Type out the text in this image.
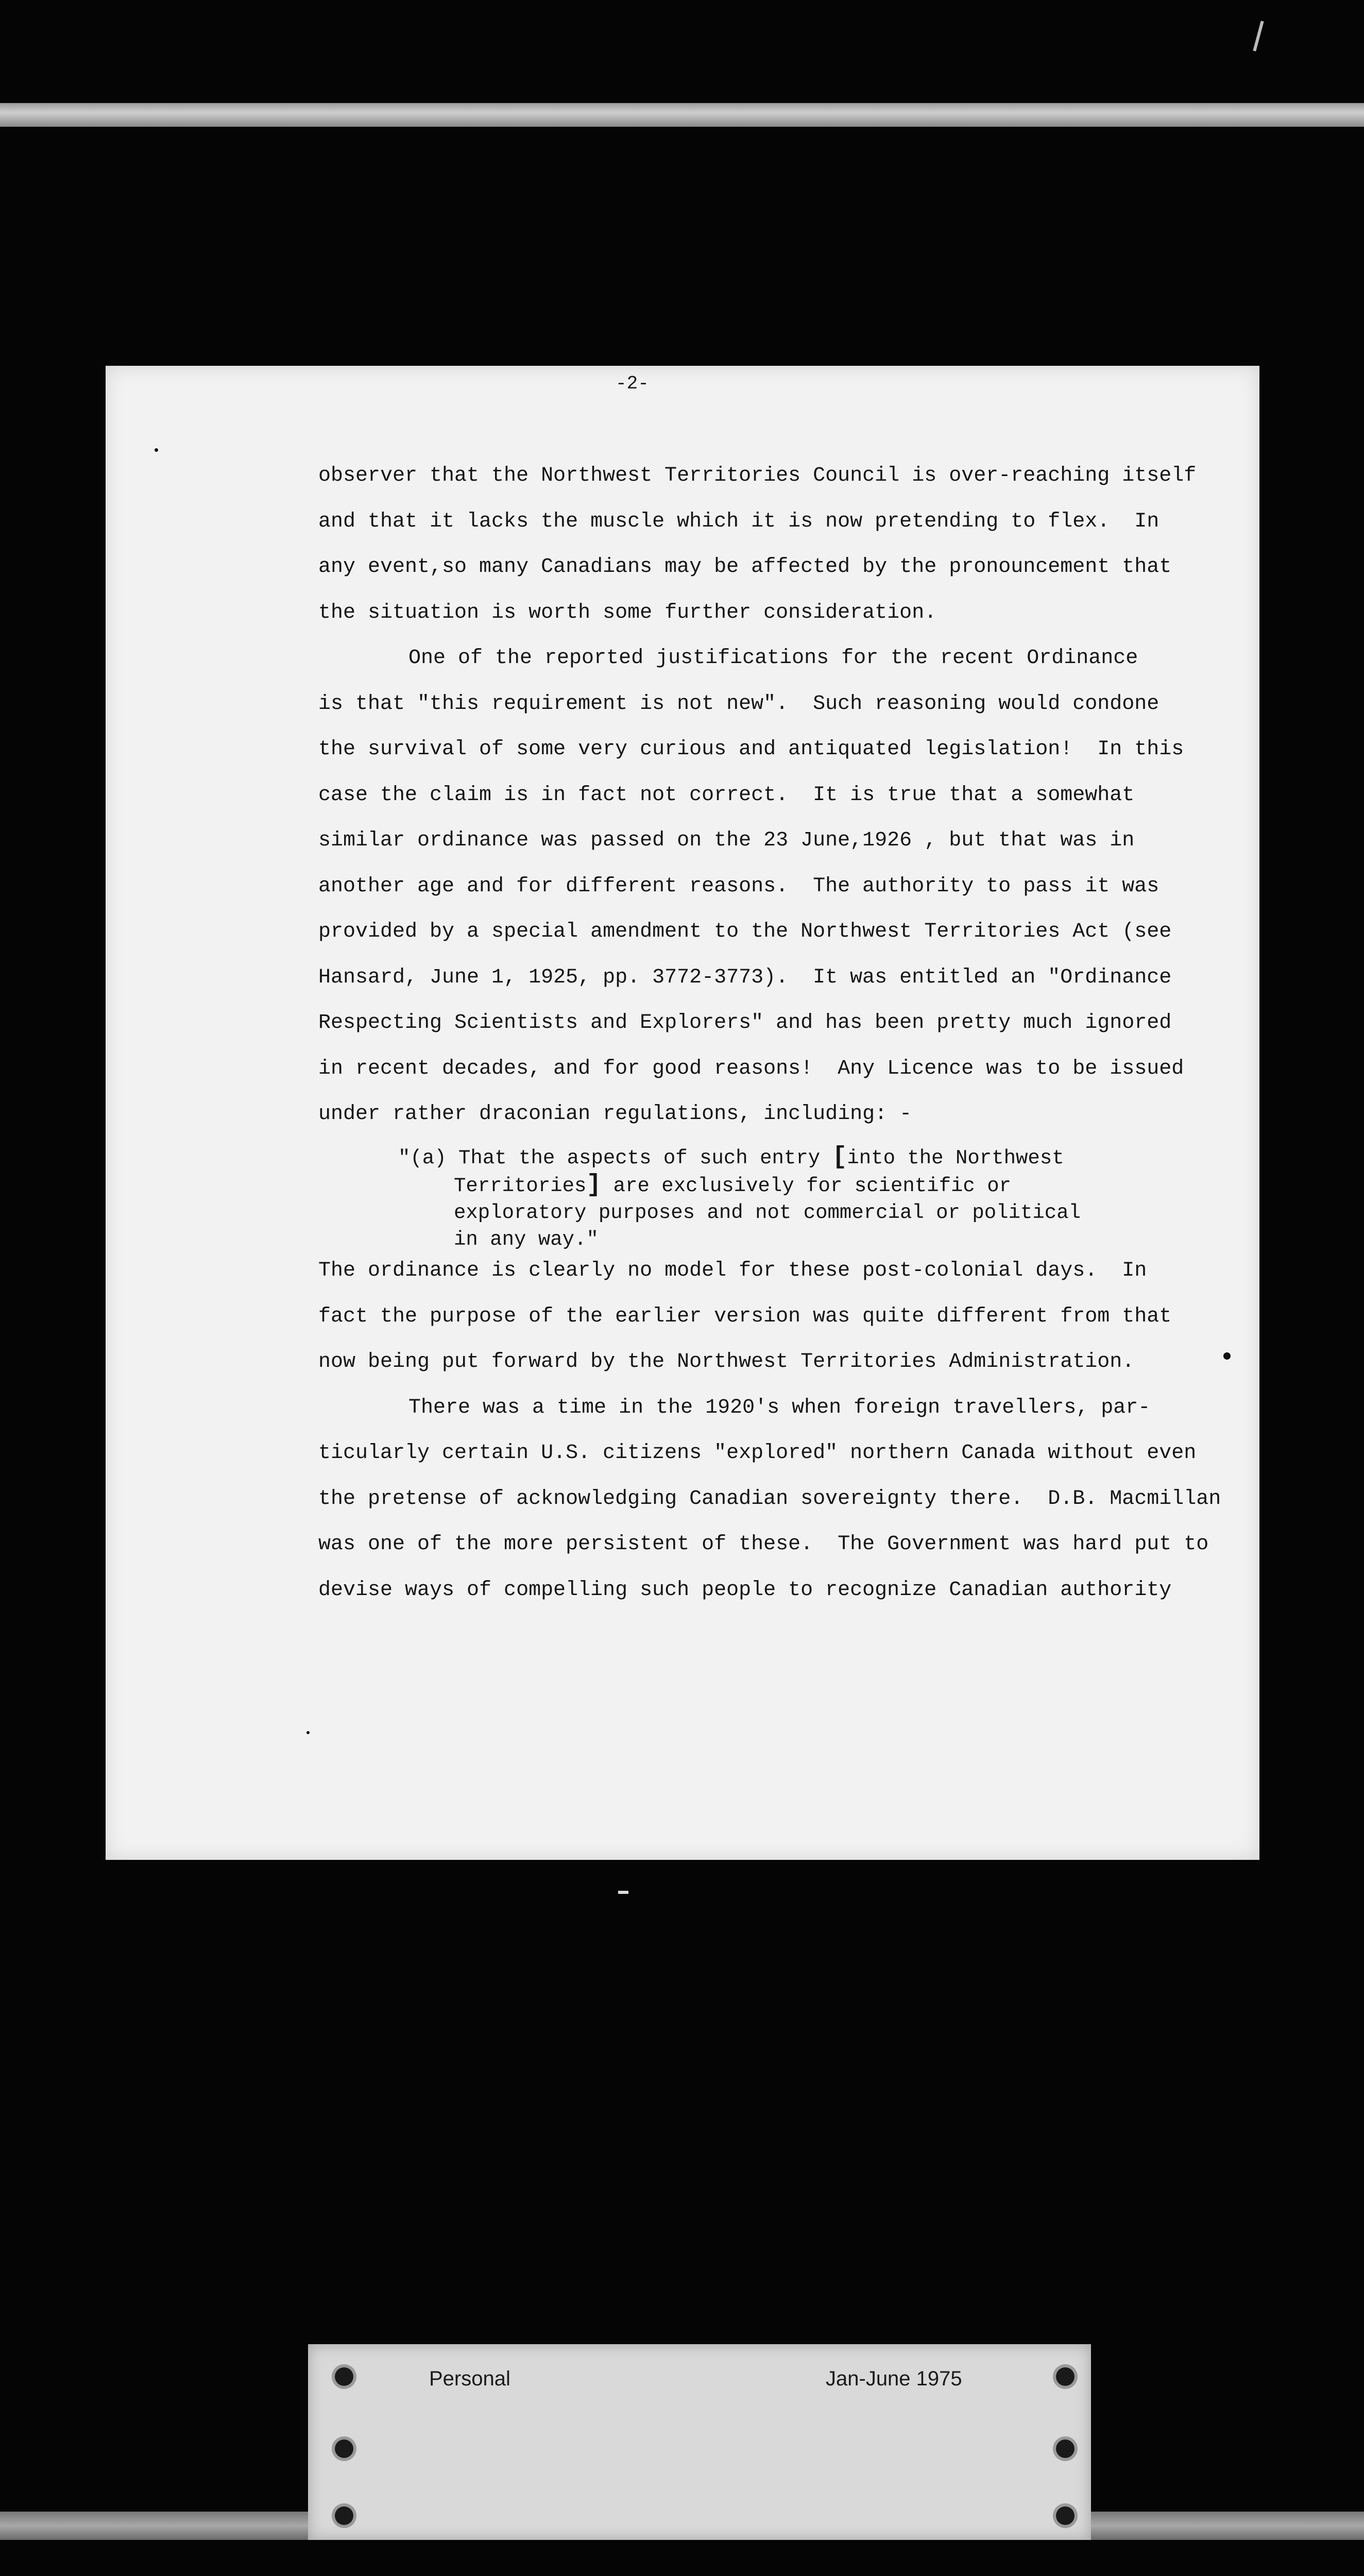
-2-
observer that the Northwest Territories Council is over-reaching itself
and that it lacks the muscle which it is now pretending to flex.  In
any event,so many Canadians may be affected by the pronouncement that
the situation is worth some further consideration.
One of the reported justifications for the recent Ordinance
is that "this requirement is not new".  Such reasoning would condone
the survival of some very curious and antiquated legislation!  In this
case the claim is in fact not correct.  It is true that a somewhat
similar ordinance was passed on the 23 June,1926 , but that was in
another age and for different reasons.  The authority to pass it was
provided by a special amendment to the Northwest Territories Act (see
Hansard, June 1, 1925, pp. 3772-3773).  It was entitled an "Ordinance
Respecting Scientists and Explorers" and has been pretty much ignored
in recent decades, and for good reasons!  Any Licence was to be issued
under rather draconian regulations, including: -
"(a) That the aspects of such entry [into the Northwest
Territories] are exclusively for scientific or
exploratory purposes and not commercial or political
in any way."
The ordinance is clearly no model for these post-colonial days.  In
fact the purpose of the earlier version was quite different from that
now being put forward by the Northwest Territories Administration.
There was a time in the 1920's when foreign travellers, par-
ticularly certain U.S. citizens "explored" northern Canada without even
the pretense of acknowledging Canadian sovereignty there.  D.B. Macmillan
was one of the more persistent of these.  The Government was hard put to
devise ways of compelling such people to recognize Canadian authority
Personal	Jan-June 1975
